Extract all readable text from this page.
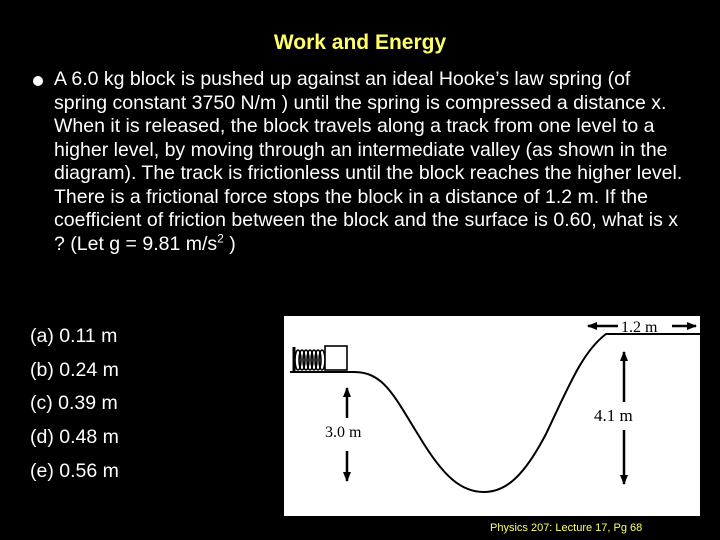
Work and Energy
A 6.0 kg block is pushed up against an ideal Hooke’s law spring (of spring constant 3750 N/m ) until the spring is compressed a distance x. When it is released, the block travels along a track from one level to a higher level, by moving through an intermediate valley (as shown in the diagram). The track is frictionless until the block reaches the higher level. There is a frictional force stops the block in a distance of 1.2 m. If the coefficient of friction between the block and the surface is 0.60, what is x ? (Let g = 9.81 $m/s^2$ )
(a) 0.11 m
(b) 0.24 m
(c) 0.39 m
(d) 0.48 m
(e) 0.56 m
3.0 m
4.1 m
1.2 m
Physics 207: Lecture 17, Pg 68
